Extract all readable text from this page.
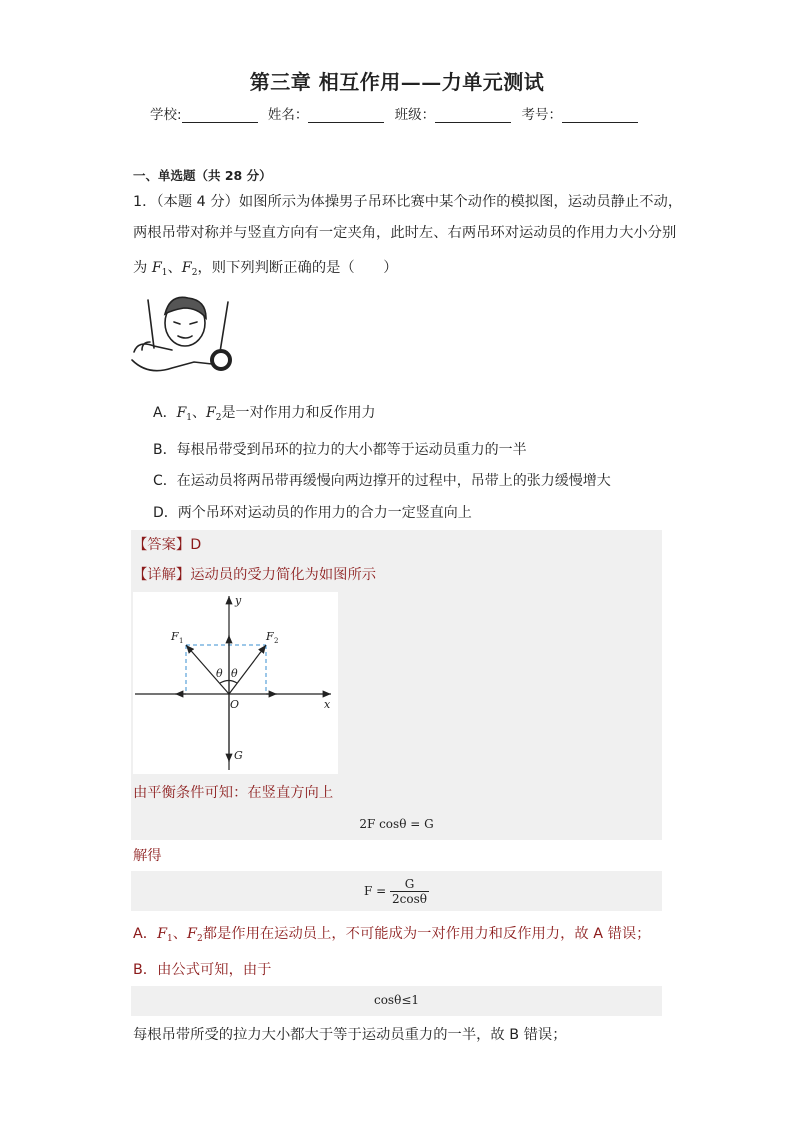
第三章 相互作用——力单元测试
学校:	姓名：	班级：	考号：
一、单选题（共 28 分）
1．（本题 4 分）如图所示为体操男子吊环比赛中某个动作的模拟图，运动员静止不动，
两根吊带对称并与竖直方向有一定夹角，此时左、右两吊环对运动员的作用力大小分别
为 $F_1$、$F_2$，则下列判断正确的是（　　）
A．$F_1$、$F_2$是一对作用力和反作用力
B．每根吊带受到吊环的拉力的大小都等于运动员重力的一半
C．在运动员将两吊带再缓慢向两边撑开的过程中，吊带上的张力缓慢增大
D．两个吊环对运动员的作用力的合力一定竖直向上
【答案】D
【详解】运动员的受力简化为如图所示
y
x
O
G
F 1	F 2
θ θ
由平衡条件可知：在竖直方向上
2F cosθ = G
解得
$F = \frac{G}{2\cos\theta}$
A．$F_1$、$F_2$都是作用在运动员上，不可能成为一对作用力和反作用力，故 A 错误；
B．由公式可知，由于
cosθ≤1
每根吊带所受的拉力大小都大于等于运动员重力的一半，故 B 错误；
